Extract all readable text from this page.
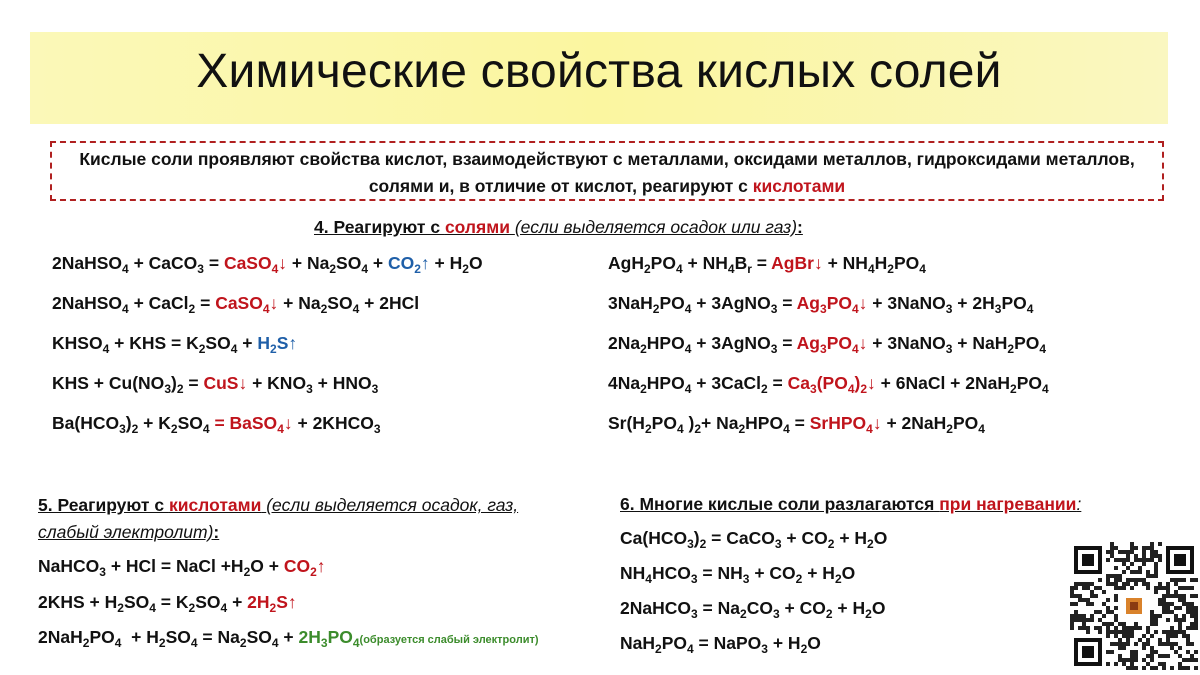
Химические свойства кислых солей
Кислые соли проявляют свойства кислот, взаимодействуют с металлами, оксидами металлов, гидроксидами металлов, солями и, в отличие от кислот, реагируют с кислотами
4. Реагируют с солями (если выделяется осадок или газ):
2NaHSO$_4$ + CaCO$_3$ = CaSO$_4$↓ + $Na_2SO_4$ + $CO_2↑ + H_2O$
2NaHSO$_4$ + CaCl$_2$ = CaSO$_4$↓ + $Na_2SO_4 + 2HCl$
$KHSO_4$ + KHS = $K_2SO_4$ + $H_2S↑$
KHS + $Cu(NO_3)_2$ = CuS↓ + $KNO_3 + HNO_3$
$Ba(HCO_3)_2 + K_2SO_4$ = BaSO$_4$↓ + $2KHCO_3$
$AgH_2PO_4 + NH_4B_r$ = AgBr↓ + $NH_4H_2PO_4$
$3NaH_2PO_4$ + 3AgNO$_3$ = $Ag_3PO_4↓$ + 3NaNO$_3$ + $2H_3PO_4$
$2Na_2HPO_4$ + 3AgNO$_3$ = $Ag_3PO_4↓$ + 3NaNO$_3$ + $NaH_2PO_4$
$4Na_2HPO_4$ + 3CaCl$_2$ = $Ca_3(PO_4)_2↓$ + 6NaCl + $2NaH_2PO_4$
$Sr(H_2PO_4$ )$_2+ Na_2HPO_4$ = SrHPO$_4$↓ + $2NaH_2PO_4$
5. Реагируют с кислотами (если выделяется осадок, газ,
слабый электролит):
NaHCO$_3$ + HCl = NaCl $+H_2O$ + $CO_2↑$
$2KHS + H_2SO_4 = K_2SO_4$ + $2H_2S↑$
$2NaH_2PO_4 + H_2SO_4 = Na_2SO_4$ + $2H_3PO_4(образуется$ слабый электролит)
6. Многие кислые соли разлагаются при нагревании:
$Ca(HCO_3)_2$ = CaCO$_3$ + $CO_2 + H_2O$
$NH_4HCO_3 = NH_3 + CO_2 + H_2O$
2NaHCO$_3$ = $Na_2CO_3 + CO_2 + H_2O$
$NaH_2PO_4$ = NaPO$_3$ + $H_2O$
